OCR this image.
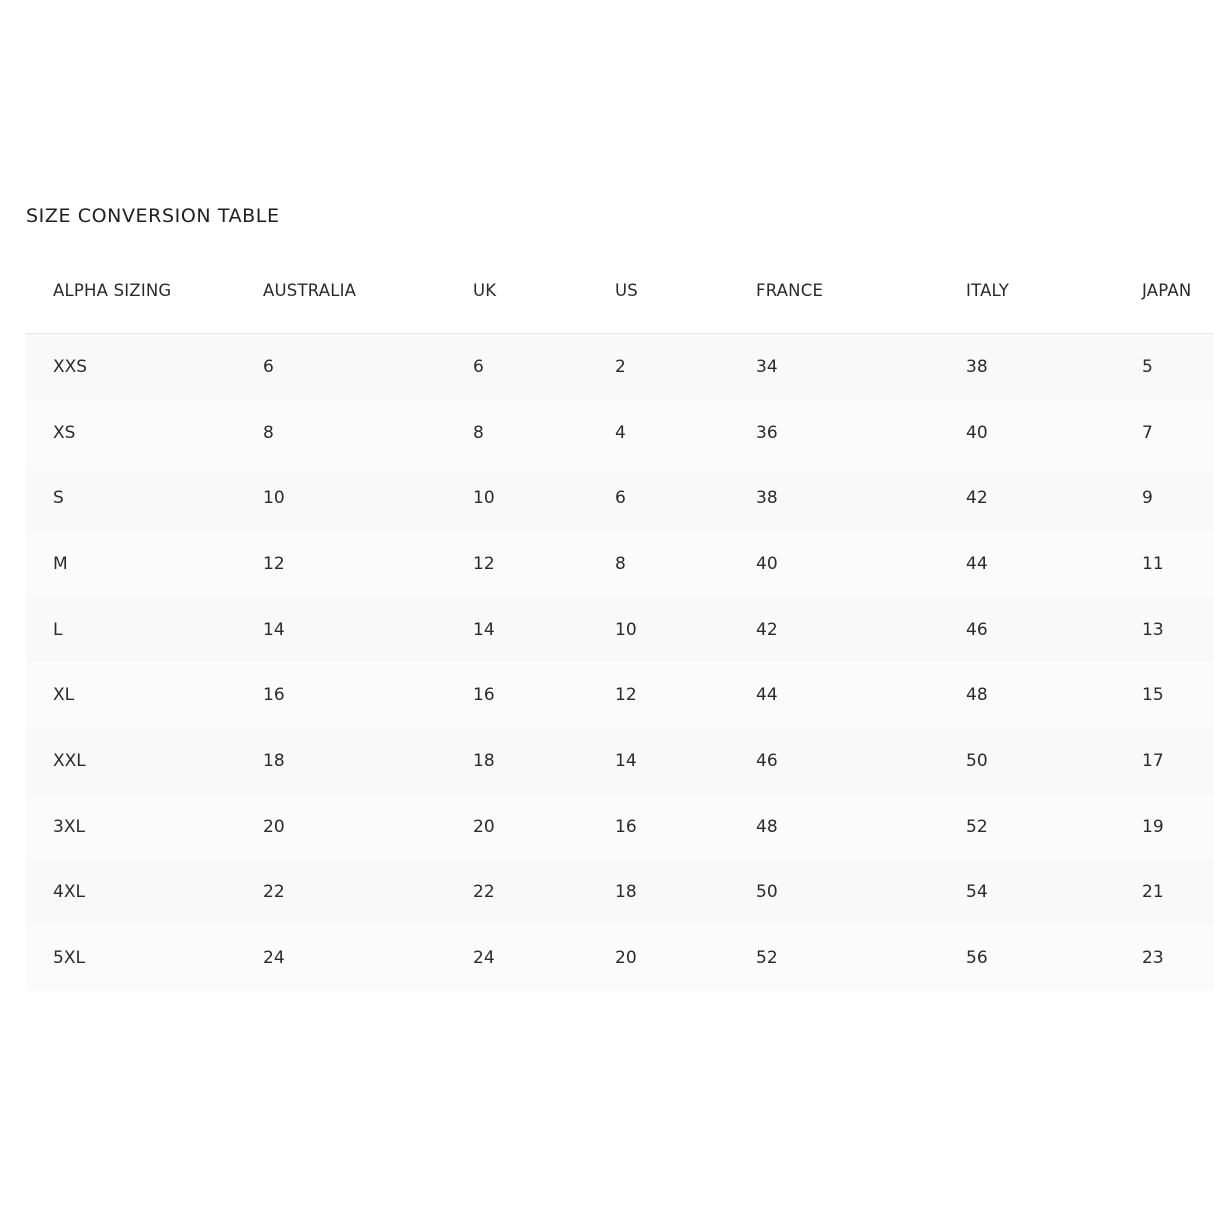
SIZE CONVERSION TABLE
ALPHA SIZING	AUSTRALIA	UK	US	FRANCE	ITALY	JAPAN
XXS	6	6	2	34	38	5
XS	8	8	4	36	40	7
S	10	10	6	38	42	9
M	12	12	8	40	44	11
L	14	14	10	42	46	13
XL	16	16	12	44	48	15
XXL	18	18	14	46	50	17
3XL	20	20	16	48	52	19
4XL	22	22	18	50	54	21
5XL	24	24	20	52	56	23
